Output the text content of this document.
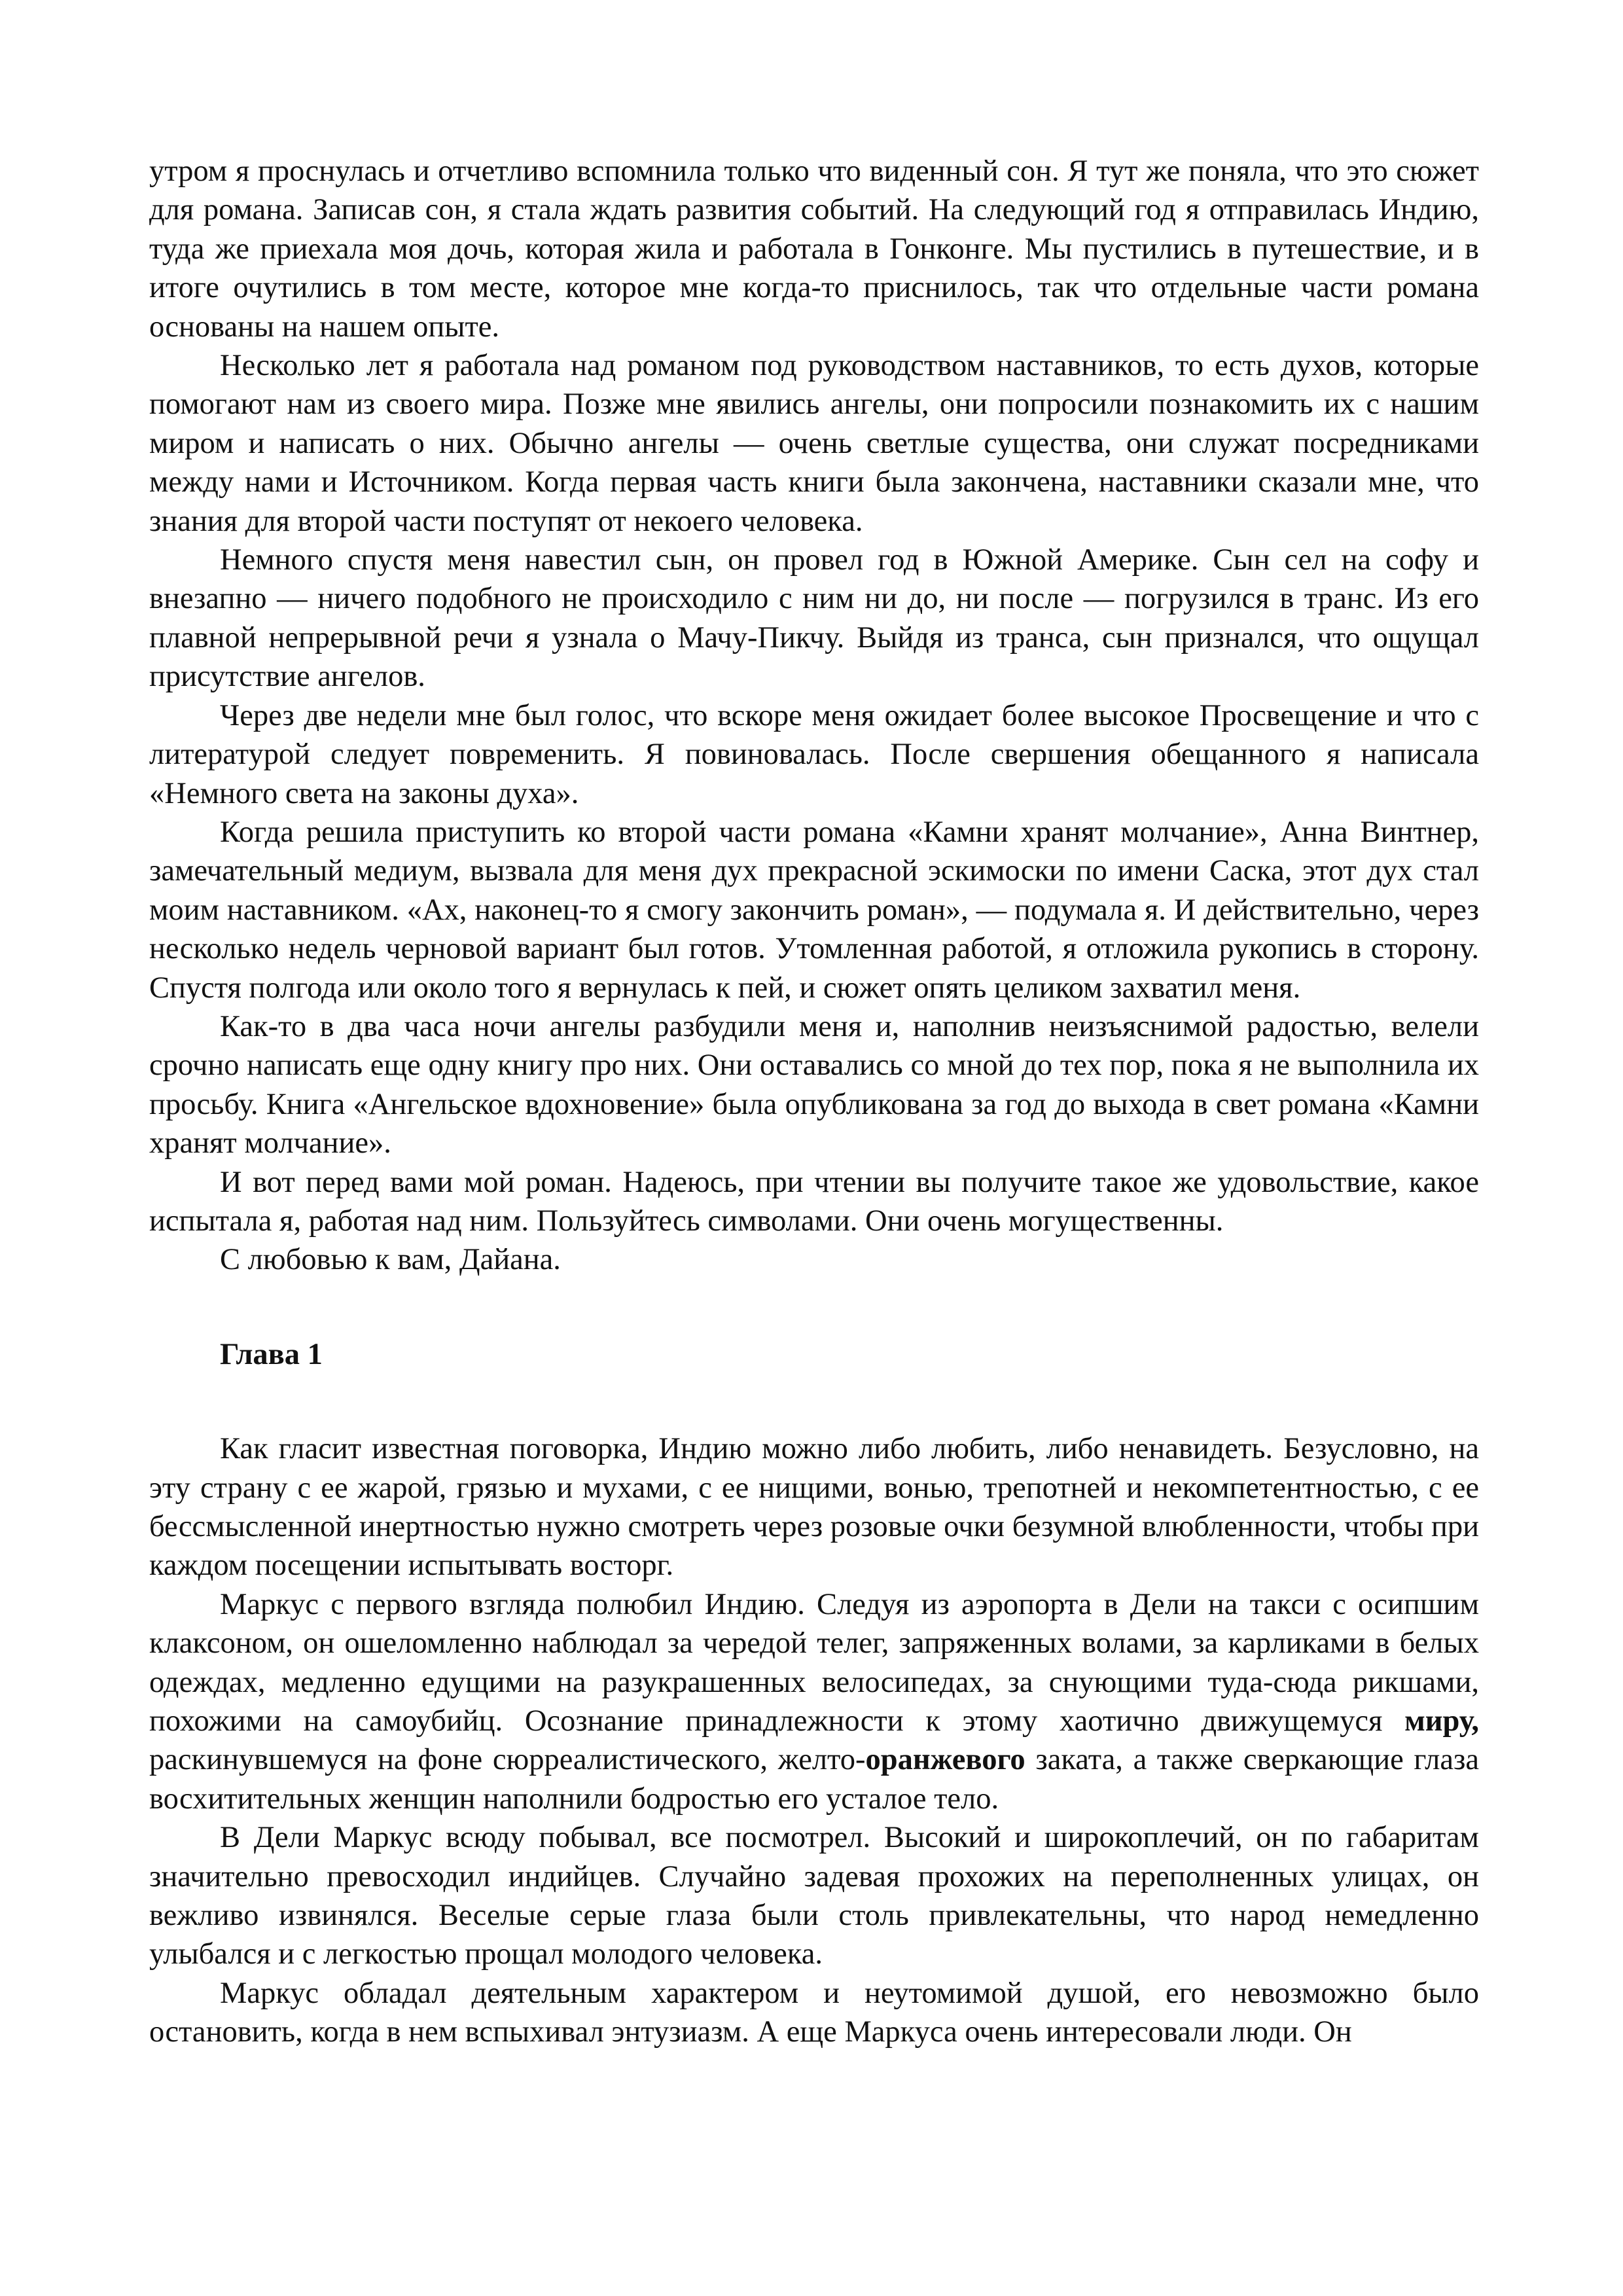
утром я проснулась и отчетливо вспомнила только что виденный сон. Я тут же поняла, что это сюжет для романа. Записав сон, я стала ждать развития событий. На следующий год я отправилась Индию, туда же приехала моя дочь, которая жила и работала в Гонконге. Мы пустились в путешествие, и в итоге очутились в том месте, которое мне когда-то приснилось, так что отдельные части романа основаны на нашем опыте.

Несколько лет я работала над романом под руководством наставников, то есть духов, которые помогают нам из своего мира. Позже мне явились ангелы, они попросили познакомить их с нашим миром и написать о них. Обычно ангелы — очень светлые существа, они служат посредниками между нами и Источником. Когда первая часть книги была закончена, наставники сказали мне, что знания для второй части поступят от некоего человека.

Немного спустя меня навестил сын, он провел год в Южной Америке. Сын сел на софу и внезапно — ничего подобного не происходило с ним ни до, ни после — погрузился в транс. Из его плавной непрерывной речи я узнала о Мачу-Пикчу. Выйдя из транса, сын признался, что ощущал присутствие ангелов.

Через две недели мне был голос, что вскоре меня ожидает более высокое Просвещение и что с литературой следует повременить. Я повиновалась. После свершения обещанного я написала «Немного света на законы духа».

Когда решила приступить ко второй части романа «Камни хранят молчание», Анна Винтнер, замечательный медиум, вызвала для меня дух прекрасной эскимоски по имени Саска, этот дух стал моим наставником. «Ах, наконец-то я смогу закончить роман», — подумала я. И действительно, через несколько недель черновой вариант был готов. Утомленная работой, я отложила рукопись в сторону. Спустя полгода или около того я вернулась к пей, и сюжет опять целиком захватил меня.

Как-то в два часа ночи ангелы разбудили меня и, наполнив неизъяснимой радостью, велели срочно написать еще одну книгу про них. Они оставались со мной до тех пор, пока я не выполнила их просьбу. Книга «Ангельское вдохновение» была опубликована за год до выхода в свет романа «Камни хранят молчание».

И вот перед вами мой роман. Надеюсь, при чтении вы получите такое же удовольствие, какое испытала я, работая над ним. Пользуйтесь символами. Они очень могущественны.

С любовью к вам, Дайана.

Глава 1

Как гласит известная поговорка, Индию можно либо любить, либо ненавидеть. Безусловно, на эту страну с ее жарой, грязью и мухами, с ее нищими, вонью, трепотней и некомпетентностью, с ее бессмысленной инертностью нужно смотреть через розовые очки безумной влюбленности, чтобы при каждом посещении испытывать восторг.

Маркус с первого взгляда полюбил Индию. Следуя из аэропорта в Дели на такси с осипшим клаксоном, он ошеломленно наблюдал за чередой телег, запряженных волами, за карликами в белых одеждах, медленно едущими на разукрашенных велосипедах, за снующими туда-сюда рикшами, похожими на самоубийц. Осознание принадлежности к этому хаотично движущемуся миру, раскинувшемуся на фоне сюрреалистического, желто-оранжевого заката, а также сверкающие глаза восхитительных женщин наполнили бодростью его усталое тело.

В Дели Маркус всюду побывал, все посмотрел. Высокий и широкоплечий, он по габаритам значительно превосходил индийцев. Случайно задевая прохожих на переполненных улицах, он вежливо извинялся. Веселые серые глаза были столь привлекательны, что народ немедленно улыбался и с легкостью прощал молодого человека.

Маркус обладал деятельным характером и неутомимой душой, его невозможно было остановить, когда в нем вспыхивал энтузиазм. А еще Маркуса очень интересовали люди. Он
